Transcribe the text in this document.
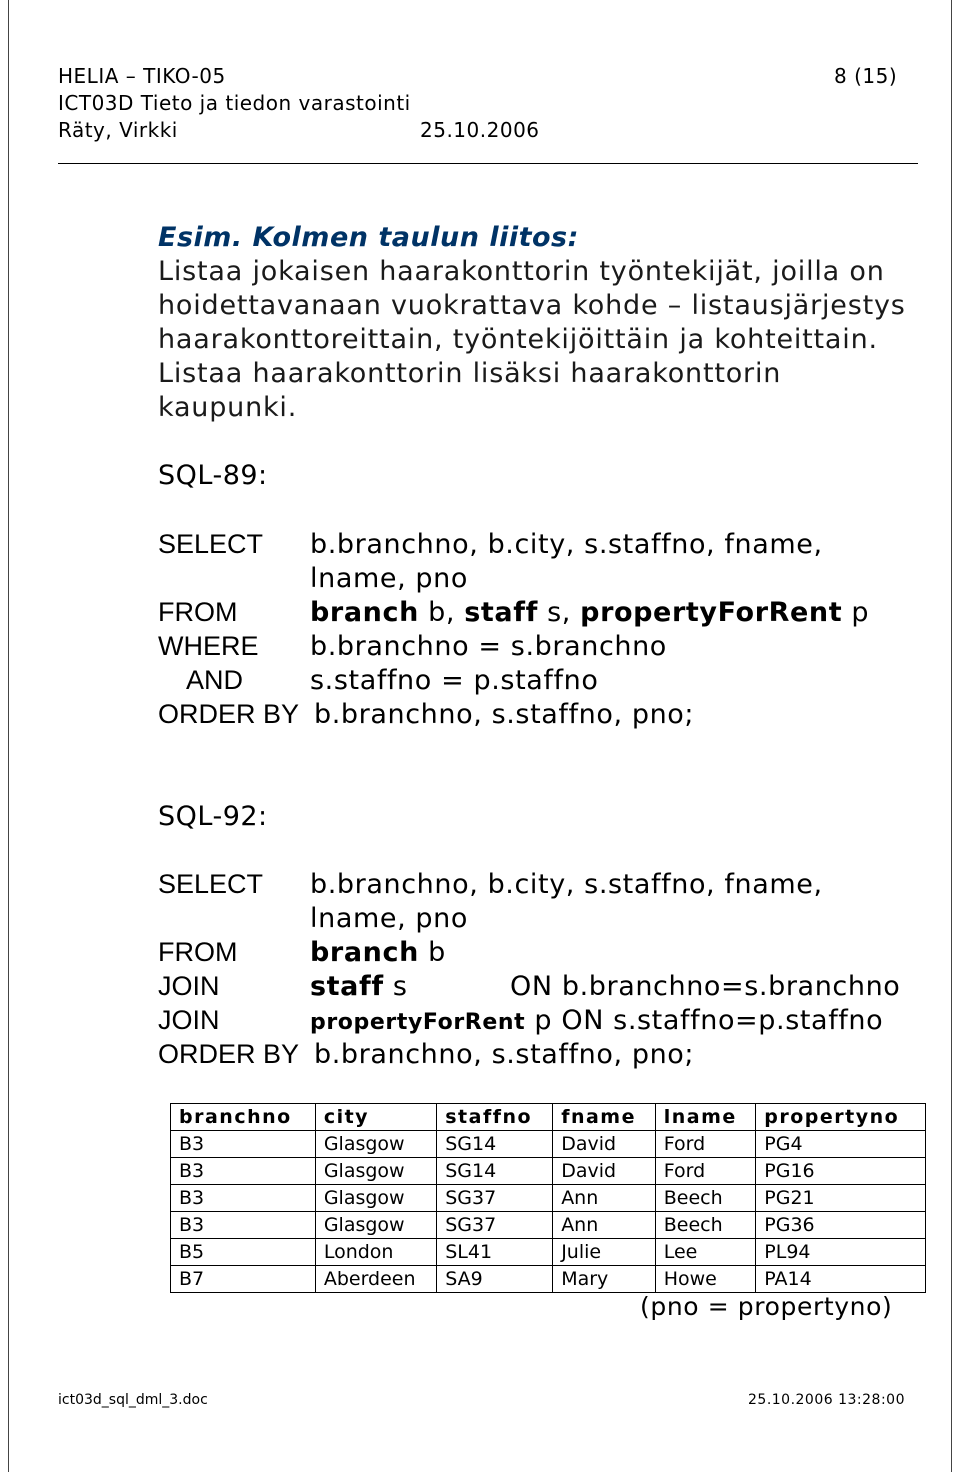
HELIA – TIKO-05	8 (15)
ICT03D Tieto ja tiedon varastointi
Räty, Virkki	25.10.2006
Esim. Kolmen taulun liitos:
Listaa jokaisen haarakonttorin työntekijät, joilla on
hoidettavanaan vuokrattava kohde – listausjärjestys
haarakonttoreittain, työntekijöittäin ja kohteittain.
Listaa haarakonttorin lisäksi haarakonttorin
kaupunki.
SQL-89:
SELECT b.branchno, b.city, s.staffno, fname,
lname, pno
FROM	branch b, staff s, propertyForRent p
WHERE b.branchno = s.branchno
AND s.staffno = p.staffno
ORDER BY b.branchno, s.staffno, pno;
SQL-92:
SELECT b.branchno, b.city, s.staffno, fname,
lname, pno
FROM	branch b
JOIN	staff s	ON b.branchno=s.branchno
JOIN	propertyForRent p ON s.staffno=p.staffno
ORDER BY b.branchno, s.staffno, pno;
branchno	city	staffno	fname	lname	propertyno
B3	Glasgow	SG14	David	Ford	PG4
B3	Glasgow	SG14	David	Ford	PG16
B3	Glasgow	SG37	Ann	Beech	PG21
B3	Glasgow	SG37	Ann	Beech	PG36
B5	London	SL41	Julie	Lee	PL94
B7	Aberdeen	SA9	Mary	Howe	PA14
(pno = propertyno)
ict03d_sql_dml_3.doc	25.10.2006 13:28:00
